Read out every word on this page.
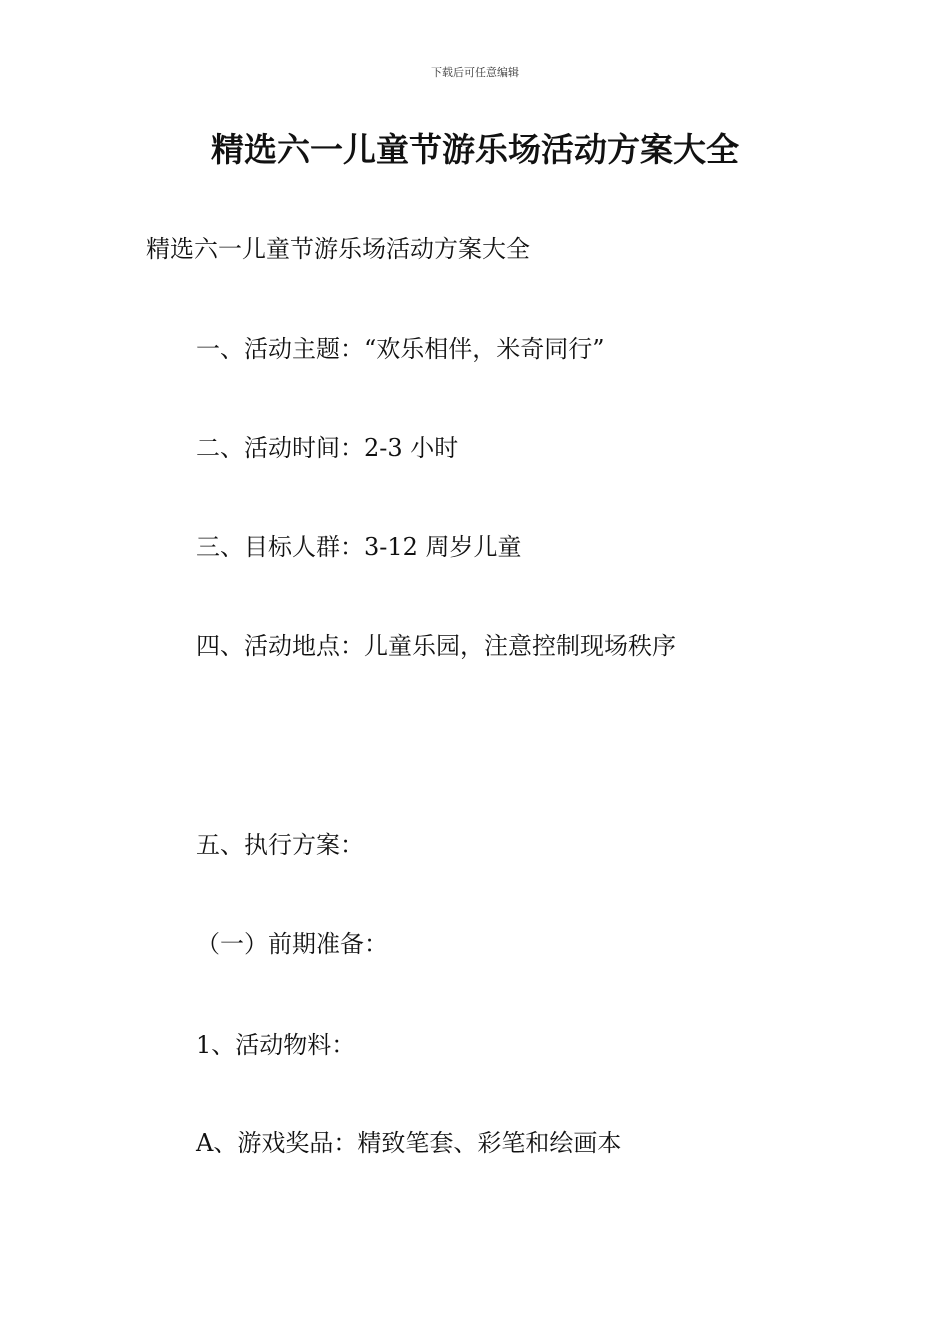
下载后可任意编辑
精选六一儿童节游乐场活动方案大全

精选六一儿童节游乐场活动方案大全

一、活动主题：“欢乐相伴，米奇同行”

二、活动时间：2-3 小时

三、目标人群：3-12 周岁儿童

四、活动地点：儿童乐园，注意控制现场秩序

五、执行方案：

（一）前期准备：

1、活动物料：

A、游戏奖品：精致笔套、彩笔和绘画本
